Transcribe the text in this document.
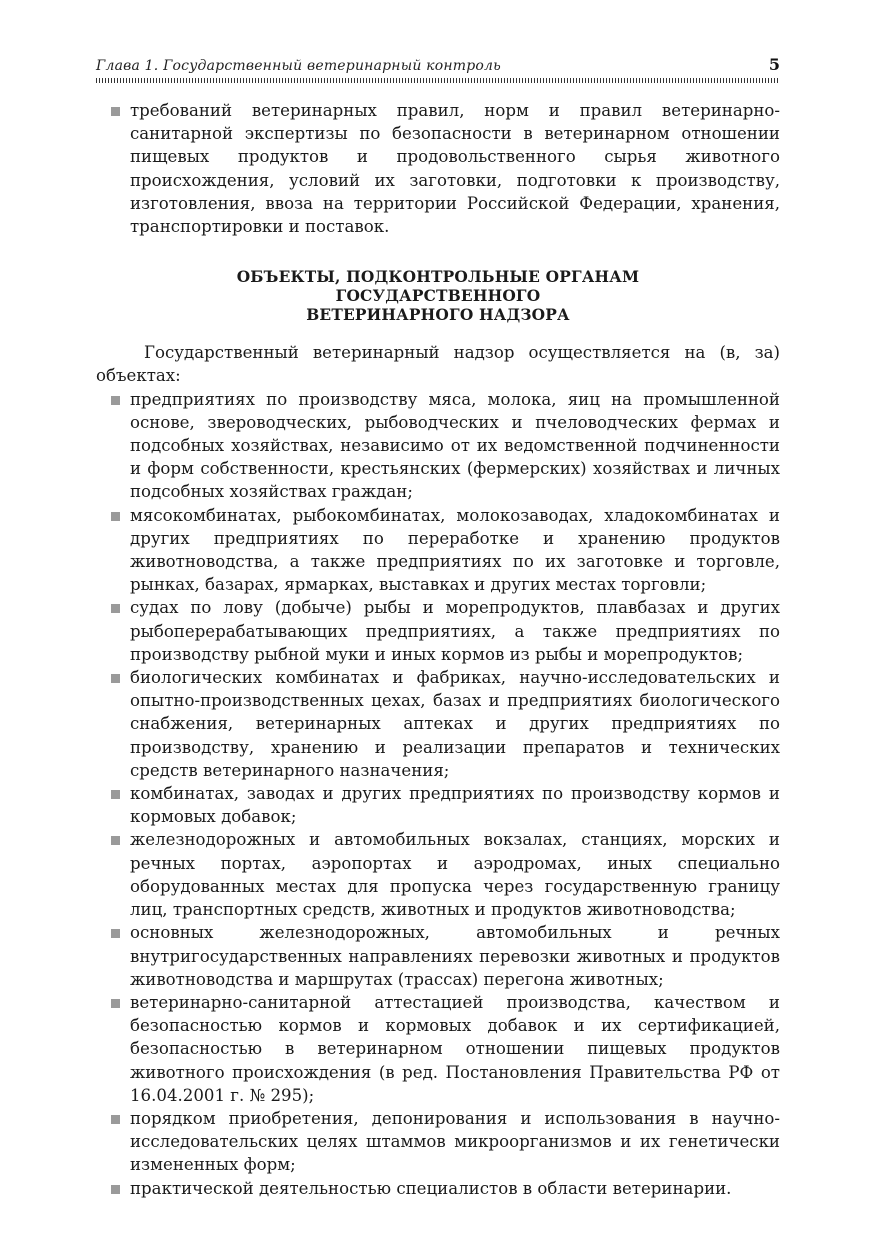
Глава 1. Государственный ветеринарный контроль	5
требований ветеринарных правил, норм и правил ветеринарно-санитарной экспертизы по безопасности в ветеринарном отношении пищевых продуктов и продовольственного сырья животного происхождения, условий их заготовки, подготовки к производству, изготовления, ввоза на территории Российской Федерации, хранения, транспортировки и поставок.
ОБЪЕКТЫ, ПОДКОНТРОЛЬНЫЕ ОРГАНАМ
ГОСУДАРСТВЕННОГО
ВЕТЕРИНАРНОГО НАДЗОРА
Государственный ветеринарный надзор осуществляется на (в, за) объектах:
предприятиях по производству мяса, молока, яиц на промышленной основе, звероводческих, рыбоводческих и пчеловодческих фермах и подсобных хозяйствах, независимо от их ведомственной подчиненности и форм собственности, крестьянских (фермерских) хозяйствах и личных подсобных хозяйствах граждан;
мясокомбинатах, рыбокомбинатах, молокозаводах, хладокомбинатах и других предприятиях по переработке и хранению продуктов животноводства, а также предприятиях по их заготовке и торговле, рынках, базарах, ярмарках, выставках и других местах торговли;
судах по лову (добыче) рыбы и морепродуктов, плавбазах и других рыбоперерабатывающих предприятиях, а также предприятиях по производству рыбной муки и иных кормов из рыбы и морепродуктов;
биологических комбинатах и фабриках, научно-исследовательских и опытно-производственных цехах, базах и предприятиях биологического снабжения, ветеринарных аптеках и других предприятиях по производству, хранению и реализации препаратов и технических средств ветеринарного назначения;
комбинатах, заводах и других предприятиях по производству кормов и кормовых добавок;
железнодорожных и автомобильных вокзалах, станциях, морских и речных портах, аэропортах и аэродромах, иных специально оборудованных местах для пропуска через государственную границу лиц, транспортных средств, животных и продуктов животноводства;
основных железнодорожных, автомобильных и речных внутригосударственных направлениях перевозки животных и продуктов животноводства и маршрутах (трассах) перегона животных;
ветеринарно-санитарной аттестацией производства, качеством и безопасностью кормов и кормовых добавок и их сертификацией, безопасностью в ветеринарном отношении пищевых продуктов животного происхождения (в ред. Постановления Правительства РФ от 16.04.2001 г. № 295);
порядком приобретения, депонирования и использования в научно-исследовательских целях штаммов микроорганизмов и их генетически измененных форм;
практической деятельностью специалистов в области ветеринарии.
